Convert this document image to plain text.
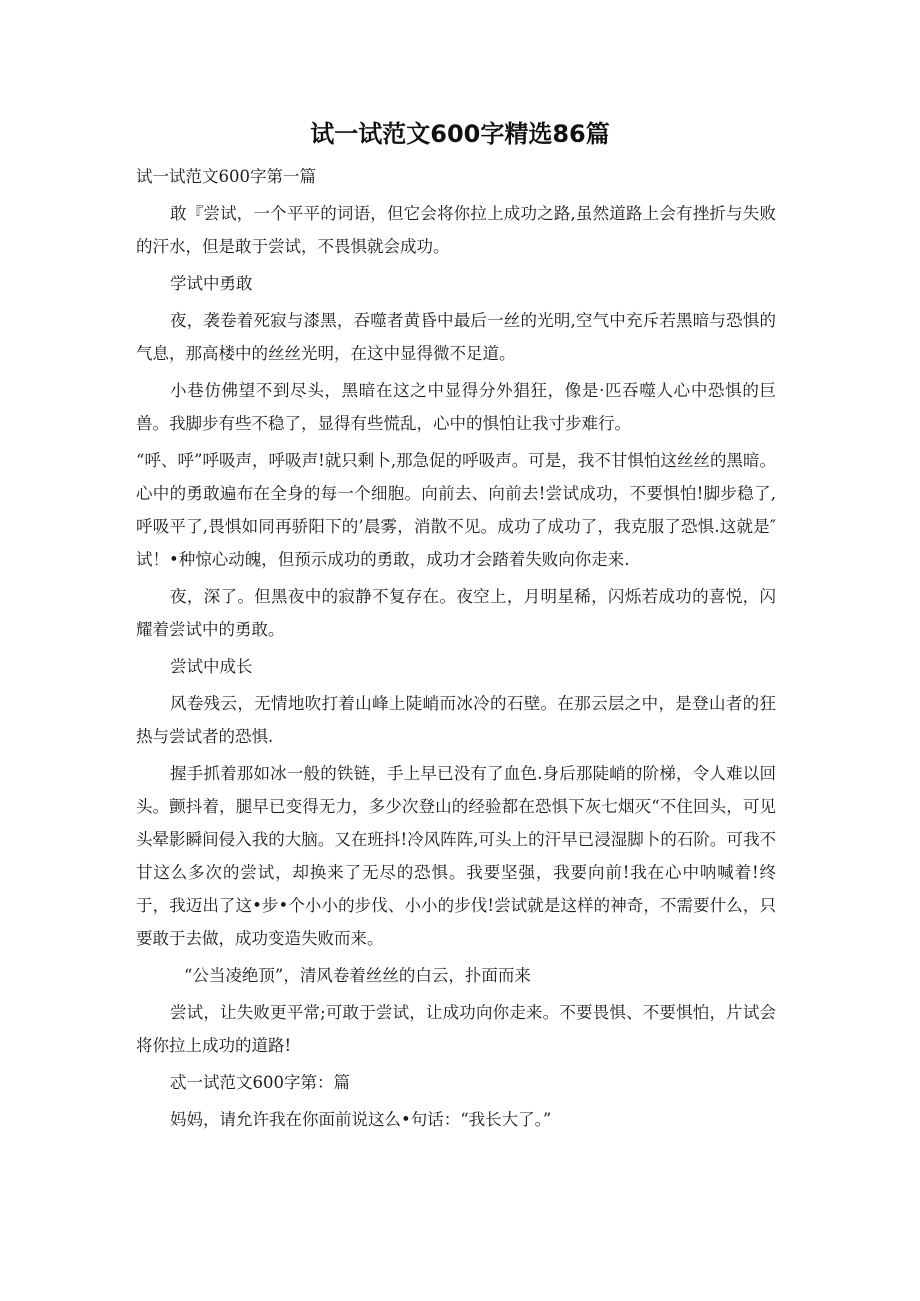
试一试范文600字精选86篇

试一试范文600字第一篇

敢『尝试，一个平平的词语，但它会将你拉上成功之路,虽然道路上会有挫折与失败的汗水，但是敢于尝试，不畏惧就会成功。

学试中勇敢

夜，袭卷着死寂与漆黑，吞噬者黄昏中最后一丝的光明,空气中充斥若黑暗与恐惧的气息，那高楼中的丝丝光明，在这中显得微不足道。

小巷仿佛望不到尽头，黑暗在这之中显得分外猖狂，像是·匹吞噬人心中恐惧的巨兽。我脚步有些不稳了，显得有些慌乱，心中的惧怕让我寸步难行。

“呼、呼”呼吸声，呼吸声!就只剩卜,那急促的呼吸声。可是，我不甘惧怕这丝丝的黑暗。心中的勇敢遍布在全身的每一个细胞。向前去、向前去!尝试成功，不要惧怕!脚步稳了,呼吸平了,畏惧如同再骄阳下的’晨雾，消散不见。成功了成功了，我克服了恐惧.这就是″试！•种惊心动魄，但预示成功的勇敢，成功才会踏着失败向你走来.

夜，深了。但黑夜中的寂静不复存在。夜空上，月明星稀，闪烁若成功的喜悦，闪耀着尝试中的勇敢。

尝试中成长

风卷残云，无情地吹打着山峰上陡峭而冰冷的石壁。在那云层之中，是登山者的狂热与尝试者的恐惧.

握手抓着那如冰一般的铁链，手上早已没有了血色.身后那陡峭的阶梯，令人难以回头。颤抖着，腿早已变得无力，多少次登山的经验都在恐惧下灰七烟灭“不住回头，可见头晕影瞬间侵入我的大脑。又在班抖!冷风阵阵,可头上的汗早已浸湿脚卜的石阶。可我不甘这么多次的尝试，却换来了无尽的恐惧。我要坚强，我要向前!我在心中呐喊着!终于，我迈出了这•步•个小小的步伐、小小的步伐!尝试就是这样的神奇，不需要什么，只要敢于去做，成功变造失败而来。

“公当凌绝顶”，清风卷着丝丝的白云，扑面而来

尝试，让失败更平常;可敢于尝试，让成功向你走来。不要畏惧、不要惧怕，片试会将你拉上成功的道路!

忒一试范文600字第：篇

妈妈，请允许我在你面前说这么•句话：“我长大了。”
